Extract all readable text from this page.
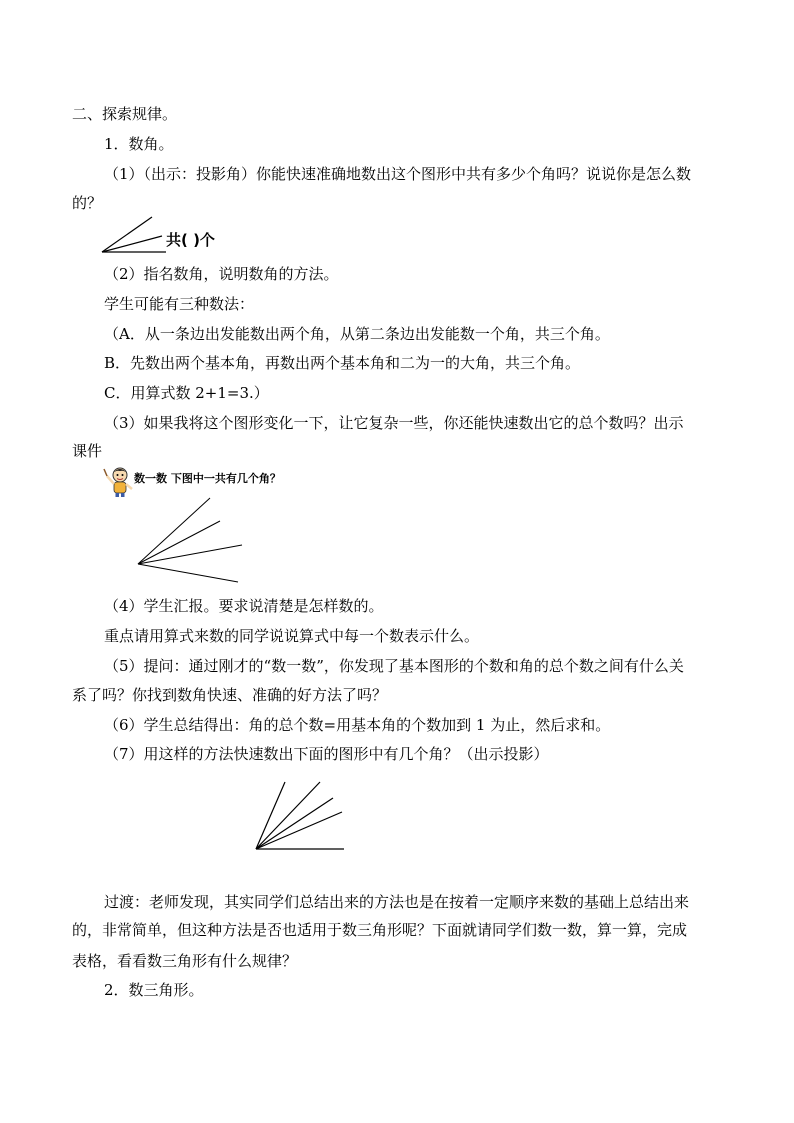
二、探索规律。
1．数角。
（1）（出示：投影角）你能快速准确地数出这个图形中共有多少个角吗？说说你是怎么数
的？
共( )个
（2）指名数角，说明数角的方法。
学生可能有三种数法：
（A．从一条边出发能数出两个角，从第二条边出发能数一个角，共三个角。
B．先数出两个基本角，再数出两个基本角和二为一的大角，共三个角。
C．用算式数 2+1=3.）
（3）如果我将这个图形变化一下，让它复杂一些，你还能快速数出它的总个数吗？出示
课件
数一数 下图中一共有几个角？
（4）学生汇报。要求说清楚是怎样数的。
重点请用算式来数的同学说说算式中每一个数表示什么。
（5）提问：通过刚才的“数一数”，你发现了基本图形的个数和角的总个数之间有什么关
系了吗？你找到数角快速、准确的好方法了吗？
（6）学生总结得出：角的总个数=用基本角的个数加到 1 为止，然后求和。
（7）用这样的方法快速数出下面的图形中有几个角？（出示投影）
过渡：老师发现，其实同学们总结出来的方法也是在按着一定顺序来数的基础上总结出来
的，非常简单，但这种方法是否也适用于数三角形呢？下面就请同学们数一数，算一算，完成
表格，看看数三角形有什么规律？
2．数三角形。
